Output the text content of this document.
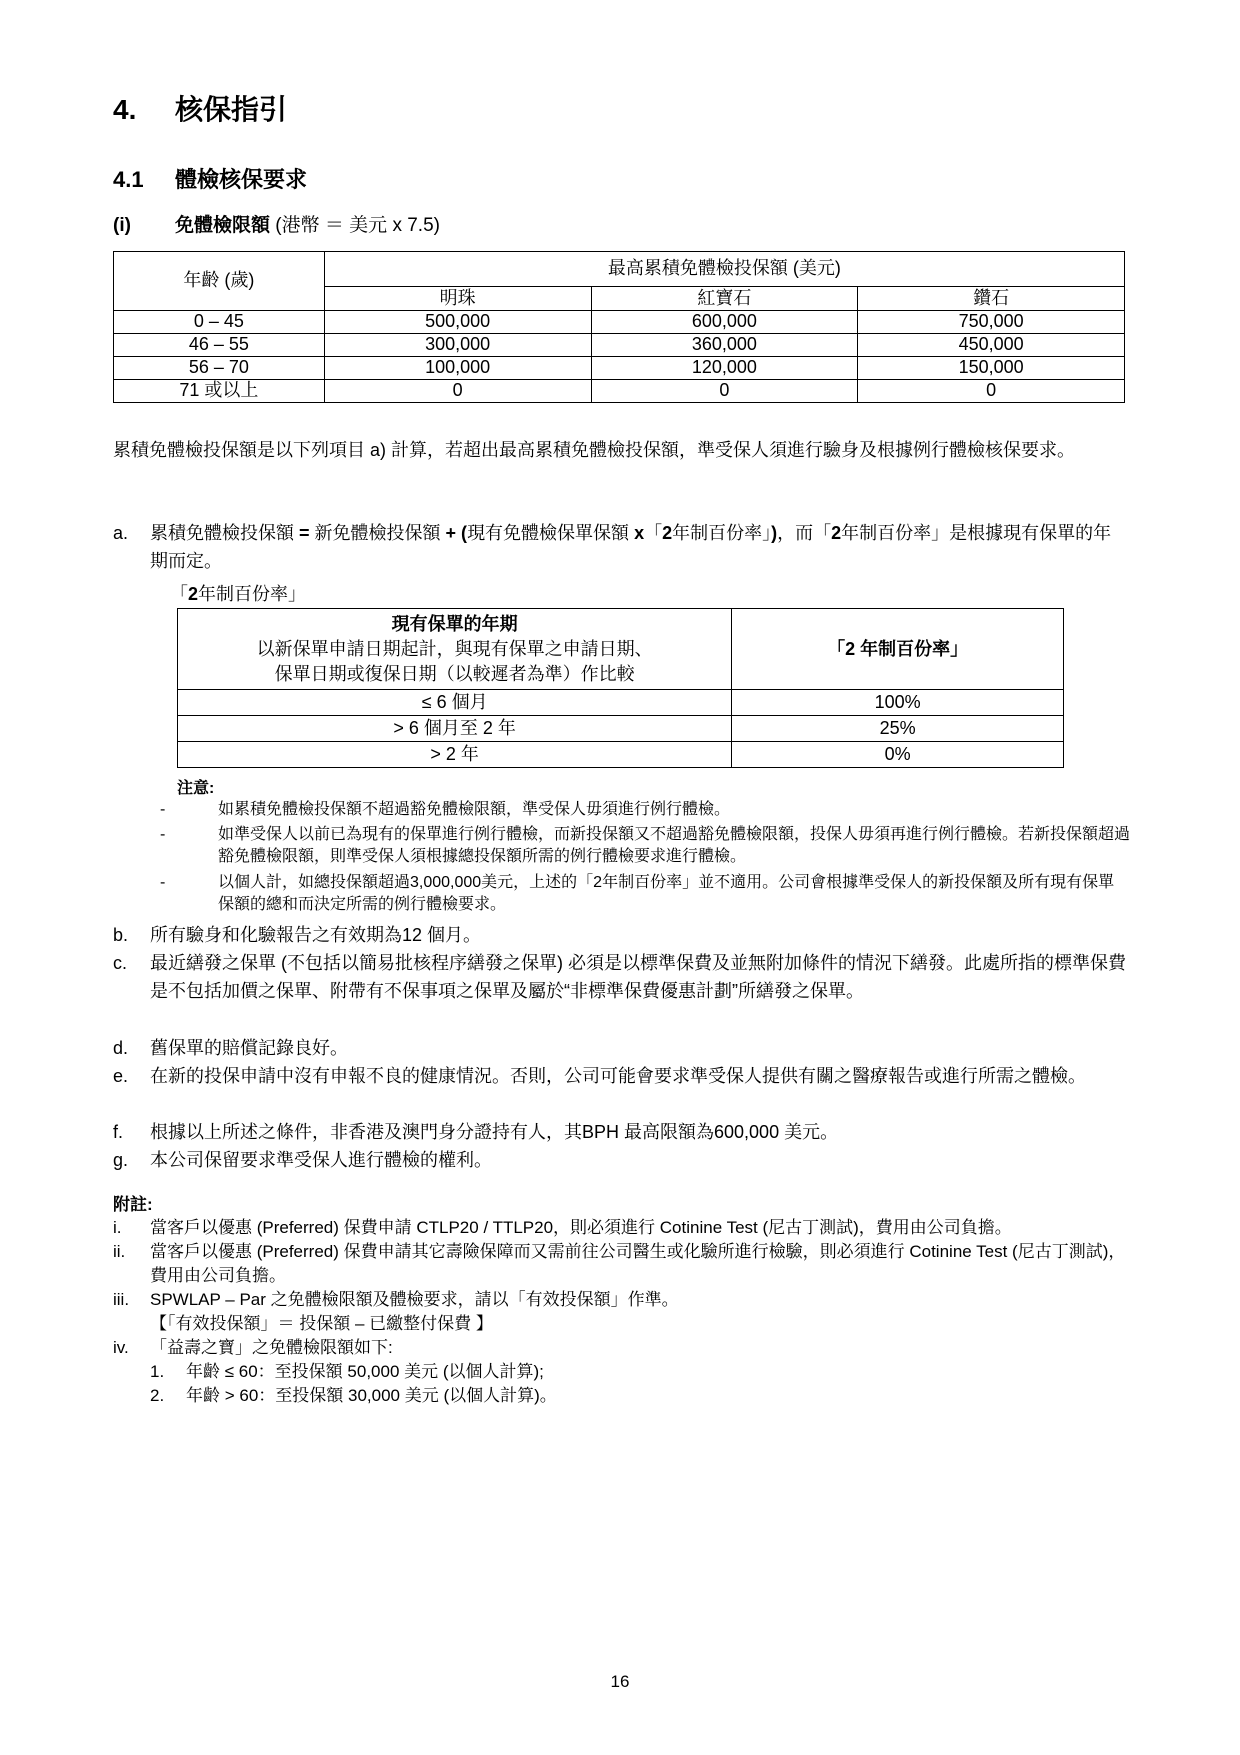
4. 核保指引
4.1 體檢核保要求
(i) 免體檢限額 (港幣 ＝ 美元 x 7.5)
年齡 (歲)	最高累積免體檢投保額 (美元)		
	明珠	紅寶石	鑽石
0 – 45	500,000	600,000	750,000
46 – 55	300,000	360,000	450,000
56 – 70	100,000	120,000	150,000
71 或以上	0	0	0
累積免體檢投保額是以下列項目 a) 計算，若超出最高累積免體檢投保額，準受保人須進行驗身及根據例行體檢核保要求。
a. 累積免體檢投保額 = 新免體檢投保額 + (現有免體檢保單保額 x「2年制百份率」)，而「2年制百份率」是根據現有保單的年期而定。
「2年制百份率」
現有保單的年期
以新保單申請日期起計，與現有保單之申請日期、
保單日期或復保日期（以較遲者為準）作比較	「2 年制百份率」
≤ 6 個月	100%
> 6 個月至 2 年	25%
> 2 年	0%
注意:
-	如累積免體檢投保額不超過豁免體檢限額，準受保人毋須進行例行體檢。
-	如準受保人以前已為現有的保單進行例行體檢，而新投保額又不超過豁免體檢限額，投保人毋須再進行例行體檢。若新投保額超過豁免體檢限額，則準受保人須根據總投保額所需的例行體檢要求進行體檢。
-	以個人計，如總投保額超過3,000,000美元，上述的「2年制百份率」並不適用。公司會根據準受保人的新投保額及所有現有保單保額的總和而決定所需的例行體檢要求。
b. 所有驗身和化驗報告之有效期為12 個月。
c. 最近繕發之保單 (不包括以簡易批核程序繕發之保單) 必須是以標準保費及並無附加條件的情況下繕發。此處所指的標準保費是不包括加價之保單、附帶有不保事項之保單及屬於“非標準保費優惠計劃”所繕發之保單。
d. 舊保單的賠償記錄良好。
e. 在新的投保申請中沒有申報不良的健康情況。否則，公司可能會要求準受保人提供有關之醫療報告或進行所需之體檢。
f. 根據以上所述之條件，非香港及澳門身分證持有人，其BPH 最高限額為600,000 美元。
g. 本公司保留要求準受保人進行體檢的權利。
附註:
i. 當客戶以優惠 (Preferred) 保費申請 CTLP20 / TTLP20，則必須進行 Cotinine Test (尼古丁測試)，費用由公司負擔。
ii. 當客戶以優惠 (Preferred) 保費申請其它壽險保障而又需前往公司醫生或化驗所進行檢驗，則必須進行 Cotinine Test (尼古丁測試)，費用由公司負擔。
iii. SPWLAP – Par 之免體檢限額及體檢要求，請以「有效投保額」作準。
【「有效投保額」＝ 投保額 – 已繳整付保費 】
iv. 「益壽之寶」之免體檢限額如下:
1. 年齡 ≤ 60：至投保額 50,000 美元 (以個人計算);
2. 年齡 > 60：至投保額 30,000 美元 (以個人計算)。
16
